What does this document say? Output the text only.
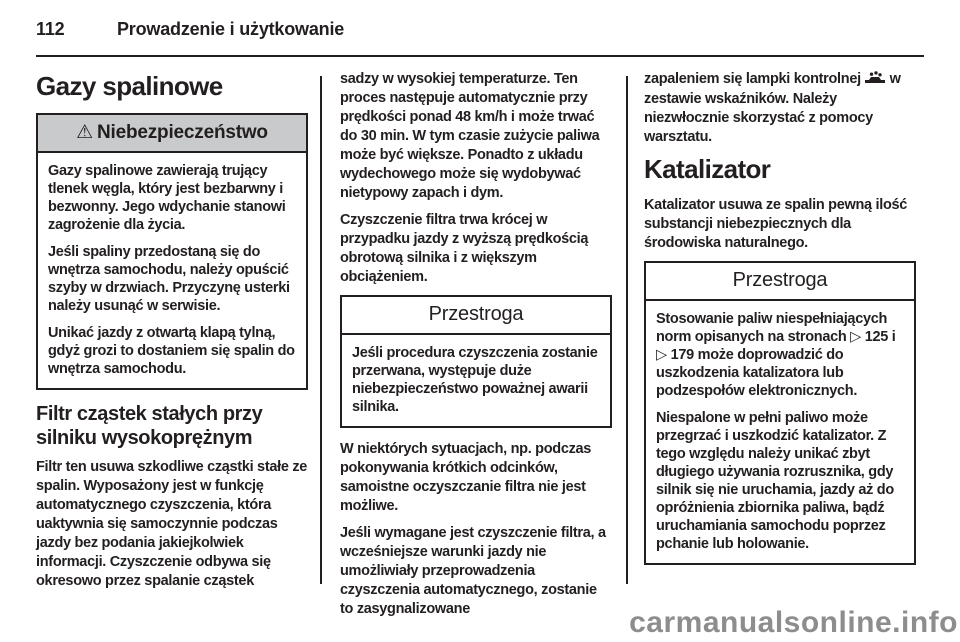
112	Prowadzenie i użytkowanie
Gazy spalinowe
⚠ Niebezpieczeństwo

Gazy spalinowe zawierają trujący tlenek węgla, który jest bezbarwny i bezwonny. Jego wdychanie stanowi zagrożenie dla życia.

Jeśli spaliny przedostaną się do wnętrza samochodu, należy opuścić szyby w drzwiach. Przyczynę usterki należy usunąć w serwisie.

Unikać jazdy z otwartą klapą tylną, gdyż grozi to dostaniem się spalin do wnętrza samochodu.

Filtr cząstek stałych przy silniku wysokoprężnym

Filtr ten usuwa szkodliwe cząstki stałe ze spalin. Wyposażony jest w funkcję automatycznego czyszczenia, która uaktywnia się samoczynnie podczas jazdy bez podania jakiejkolwiek informacji. Czyszczenie odbywa się okresowo przez spalanie cząstek

sadzy w wysokiej temperaturze. Ten proces następuje automatycznie przy prędkości ponad 48 km/h i może trwać do 30 min. W tym czasie zużycie paliwa może być większe. Ponadto z układu wydechowego może się wydobywać nietypowy zapach i dym.

Czyszczenie filtra trwa krócej w przypadku jazdy z wyższą prędkością obrotową silnika i z większym obciążeniem.

Przestroga

Jeśli procedura czyszczenia zostanie przerwana, występuje duże niebezpieczeństwo poważnej awarii silnika.

W niektórych sytuacjach, np. podczas pokonywania krótkich odcinków, samoistne oczyszczanie filtra nie jest możliwe.

Jeśli wymagane jest czyszczenie filtra, a wcześniejsze warunki jazdy nie umożliwiały przeprowadzenia czyszczenia automatycznego, zostanie to zasygnalizowane

zapaleniem się lampki kontrolnej w zestawie wskaźników. Należy niezwłocznie skorzystać z pomocy warsztatu.

Katalizator

Katalizator usuwa ze spalin pewną ilość substancji niebezpiecznych dla środowiska naturalnego.

Przestroga

Stosowanie paliw niespełniających norm opisanych na stronach ▷ 125 i ▷ 179 może doprowadzić do uszkodzenia katalizatora lub podzespołów elektronicznych.

Niespalone w pełni paliwo może przegrzać i uszkodzić katalizator. Z tego względu należy unikać zbyt długiego używania rozrusznika, gdy silnik się nie uruchamia, jazdy aż do opróżnienia zbiornika paliwa, bądź uruchamiania samochodu poprzez pchanie lub holowanie.

carmanualsonline.info
